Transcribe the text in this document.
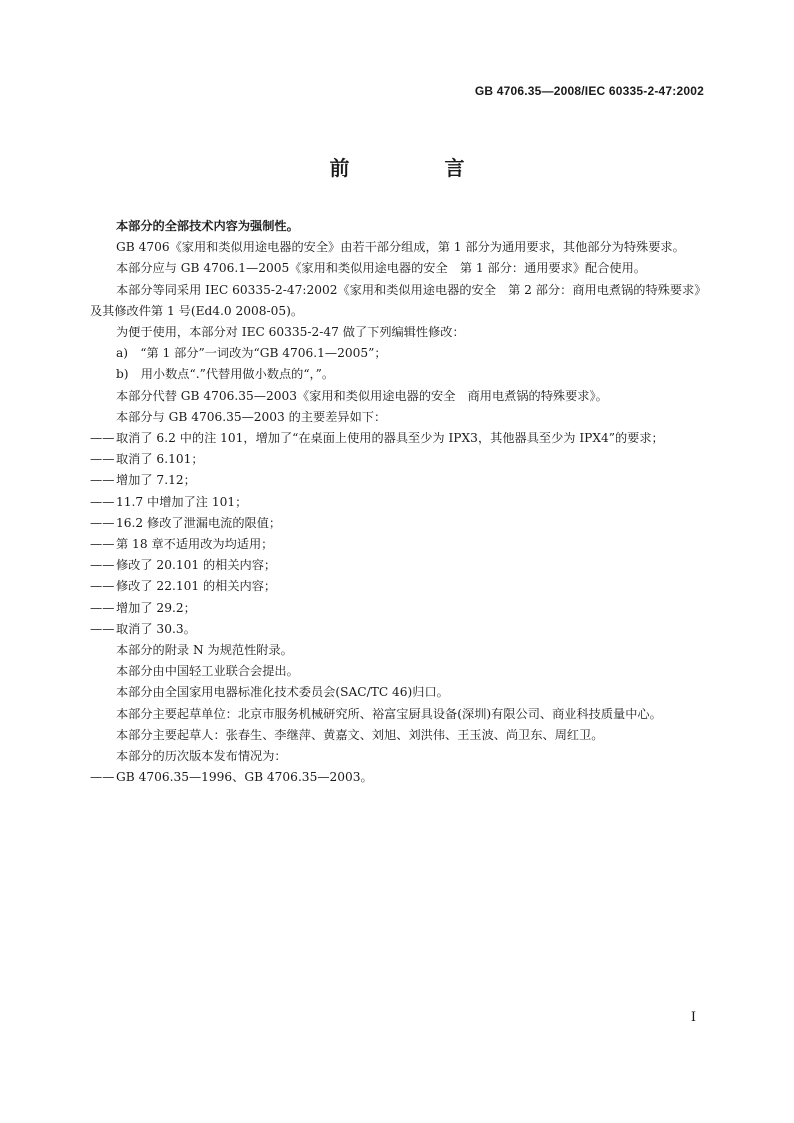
GB 4706.35—2008/IEC 60335-2-47:2002
前 言

本部分的全部技术内容为强制性。

GB 4706《家用和类似用途电器的安全》由若干部分组成，第 1 部分为通用要求，其他部分为特殊要求。

本部分应与 GB 4706.1—2005《家用和类似用途电器的安全　第 1 部分：通用要求》配合使用。

本部分等同采用 IEC 60335-2-47:2002《家用和类似用途电器的安全　第 2 部分：商用电煮锅的特殊要求》及其修改件第 1 号(Ed4.0 2008-05)。

为便于使用，本部分对 IEC 60335-2-47 做了下列编辑性修改：

a)　“第 1 部分”一词改为“GB 4706.1—2005”；

b)　用小数点“.”代替用做小数点的“，”。

本部分代替 GB 4706.35—2003《家用和类似用途电器的安全　商用电煮锅的特殊要求》。

本部分与 GB 4706.35—2003 的主要差异如下：

—— 取消了 6.2 中的注 101，增加了“在桌面上使用的器具至少为 IPX3，其他器具至少为 IPX4”的要求；

—— 取消了 6.101；

—— 增加了 7.12；

—— 11.7 中增加了注 101；

—— 16.2 修改了泄漏电流的限值；

—— 第 18 章不适用改为均适用；

—— 修改了 20.101 的相关内容；

—— 修改了 22.101 的相关内容；

—— 增加了 29.2；

—— 取消了 30.3。

本部分的附录 N 为规范性附录。

本部分由中国轻工业联合会提出。

本部分由全国家用电器标准化技术委员会(SAC/TC 46)归口。

本部分主要起草单位：北京市服务机械研究所、裕富宝厨具设备(深圳)有限公司、商业科技质量中心。

本部分主要起草人：张春生、李继萍、黄嘉文、刘旭、刘洪伟、王玉波、尚卫东、周红卫。

本部分的历次版本发布情况为：

—— GB 4706.35—1996、GB 4706.35—2003。

I
